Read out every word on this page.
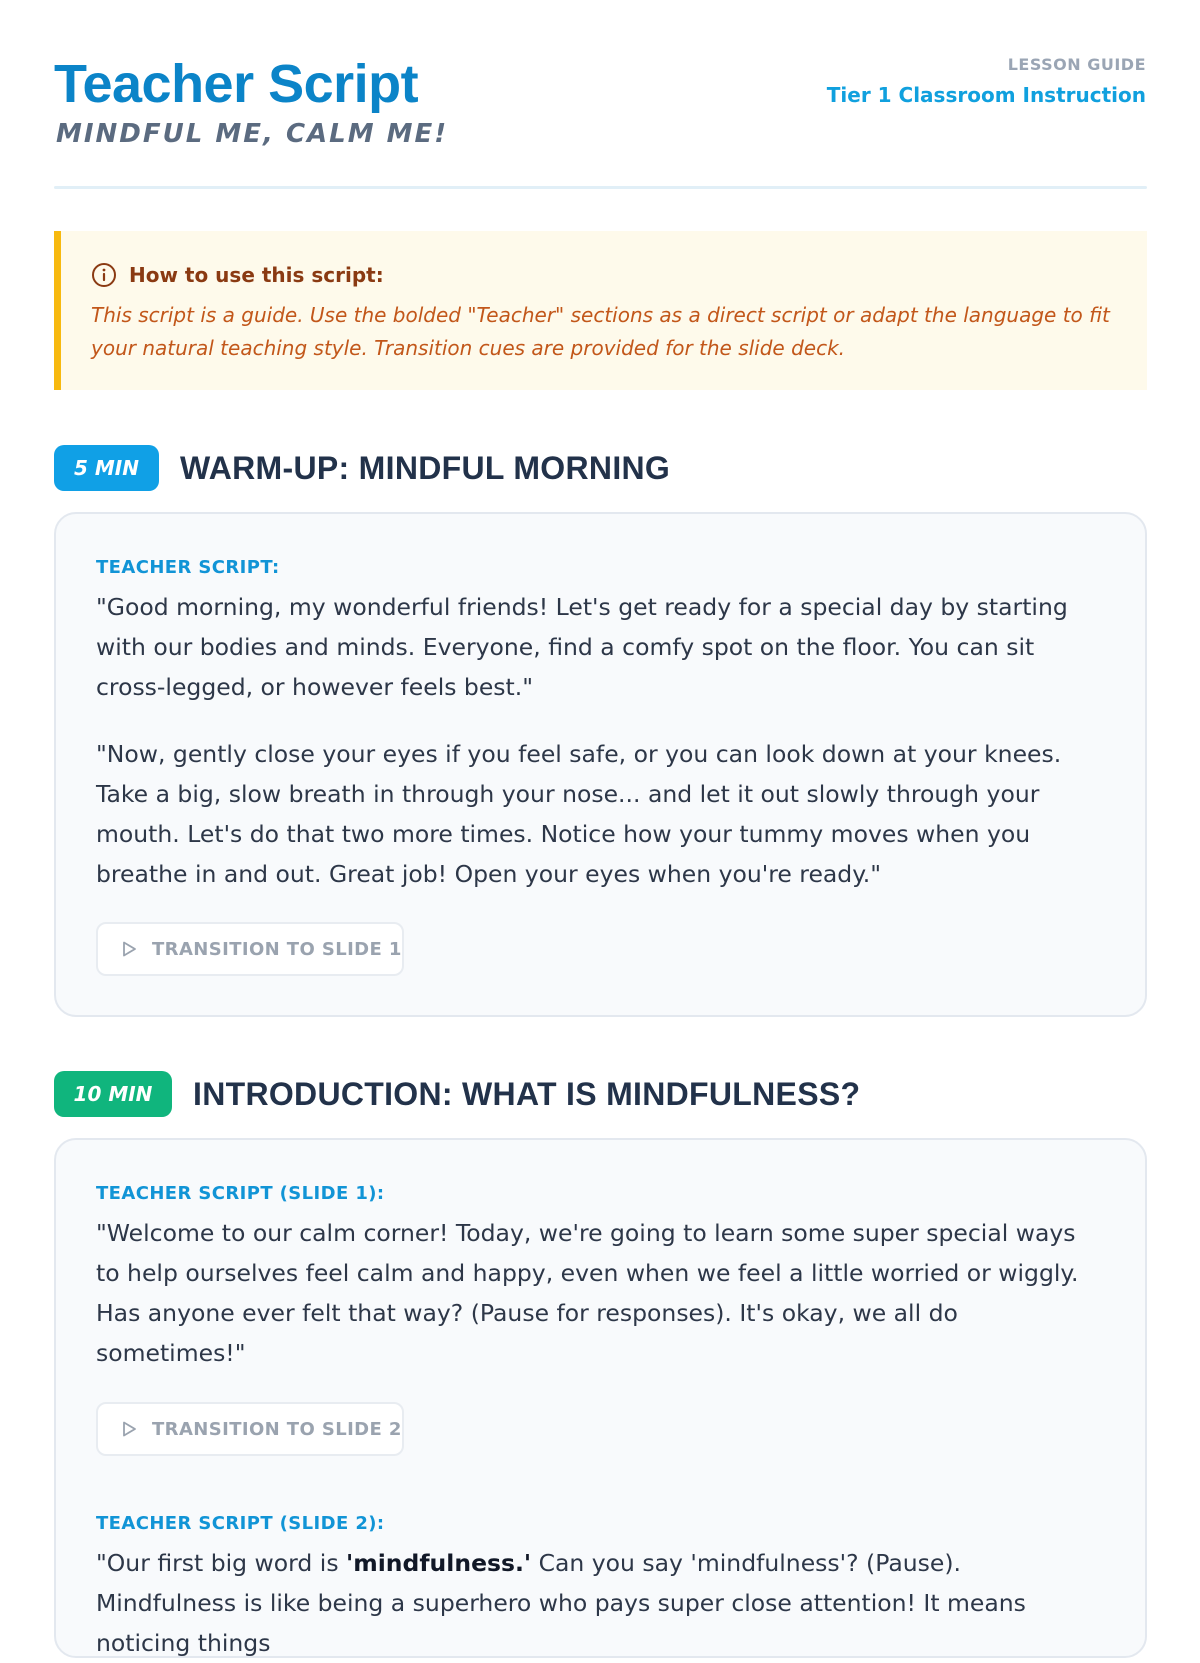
Teacher Script
MINDFUL ME, CALM ME!
LESSON GUIDE
Tier 1 Classroom Instruction
How to use this script:
This script is a guide. Use the bolded "Teacher" sections as a direct script or adapt the language to fit your natural teaching style. Transition cues are provided for the slide deck.
5 MIN	WARM-UP: MINDFUL MORNING
TEACHER SCRIPT:
"Good morning, my wonderful friends! Let's get ready for a special day by starting with our bodies and minds. Everyone, find a comfy spot on the floor. You can sit cross-legged, or however feels best."
"Now, gently close your eyes if you feel safe, or you can look down at your knees. Take a big, slow breath in through your nose... and let it out slowly through your mouth. Let's do that two more times. Notice how your tummy moves when you breathe in and out. Great job! Open your eyes when you're ready."
TRANSITION TO SLIDE 1
10 MIN	INTRODUCTION: WHAT IS MINDFULNESS?
TEACHER SCRIPT (SLIDE 1):
"Welcome to our calm corner! Today, we're going to learn some super special ways to help ourselves feel calm and happy, even when we feel a little worried or wiggly. Has anyone ever felt that way? (Pause for responses). It's okay, we all do sometimes!"
TRANSITION TO SLIDE 2
TEACHER SCRIPT (SLIDE 2):
"Our first big word is 'mindfulness.' Can you say 'mindfulness'? (Pause). Mindfulness is like being a superhero who pays super close attention! It means noticing things
